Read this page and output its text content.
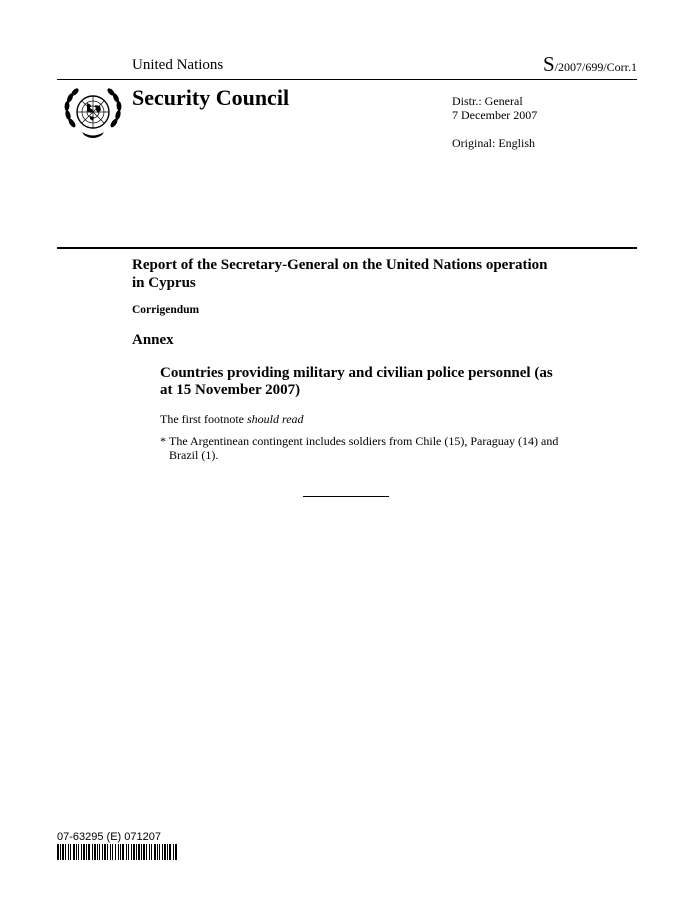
United Nations	S/2007/699/Corr.1
Security Council	Distr.: General
7 December 2007
Original: English
Report of the Secretary-General on the United Nations operation in Cyprus
Corrigendum
Annex
Countries providing military and civilian police personnel (as at 15 November 2007)
The first footnote should read
* The Argentinean contingent includes soldiers from Chile (15), Paraguay (14) and Brazil (1).
07-63295 (E) 071207
